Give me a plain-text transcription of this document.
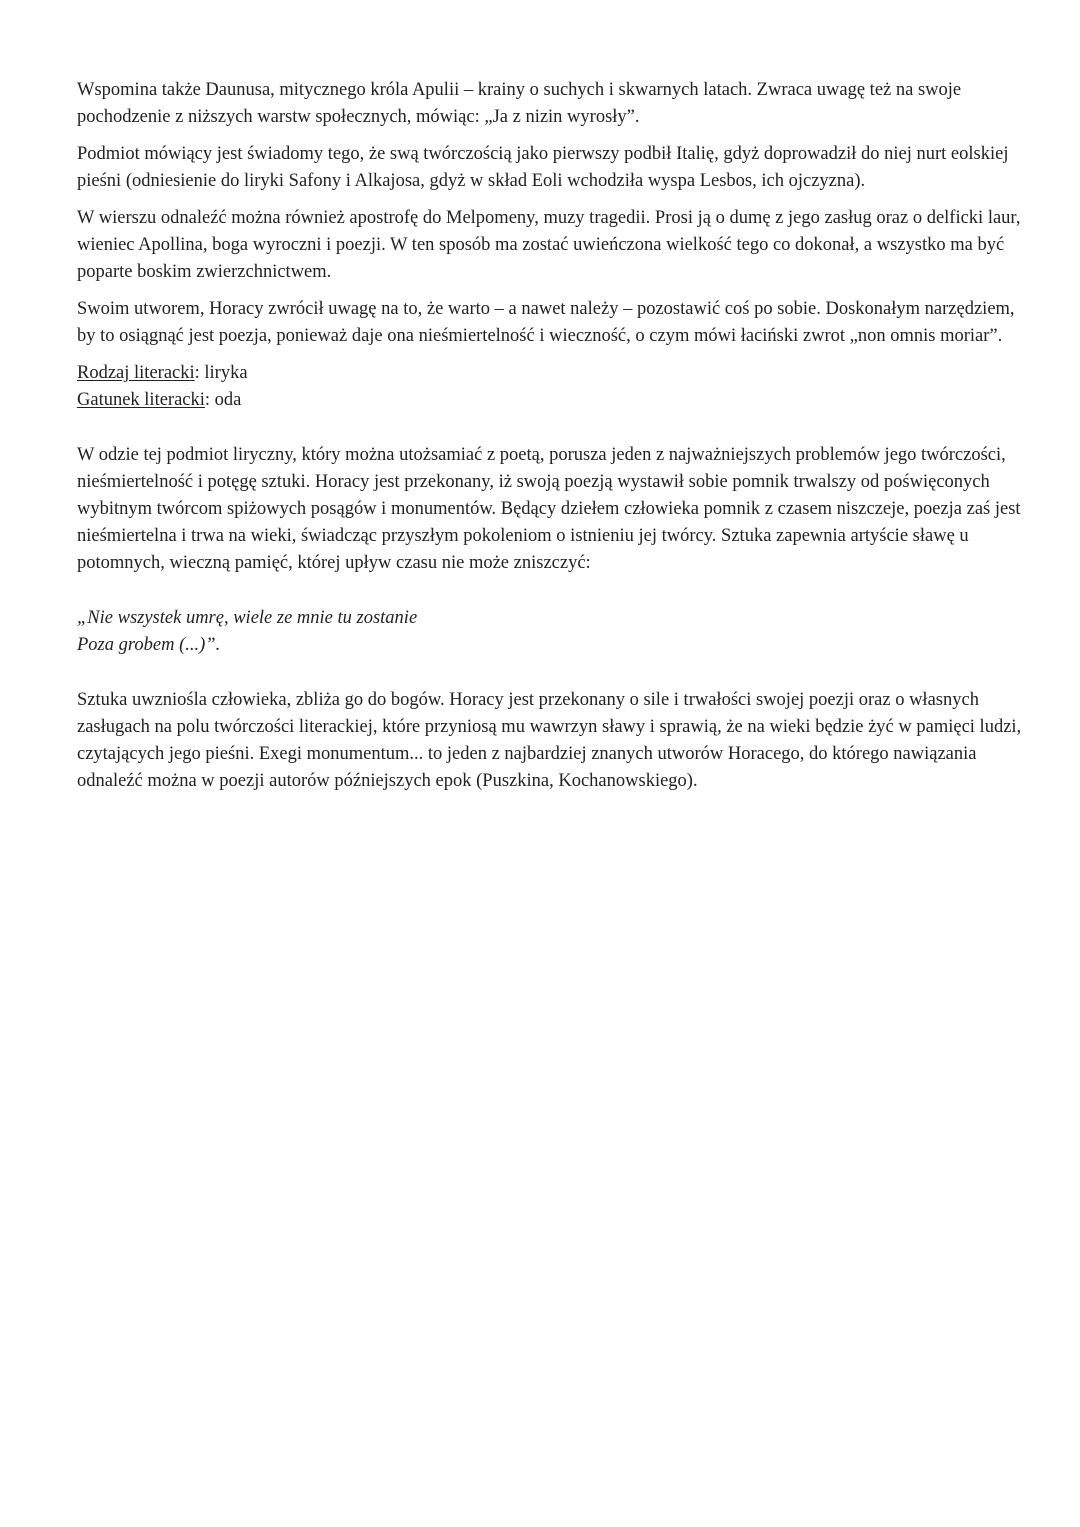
Wspomina także Daunusa, mitycznego króla Apulii – krainy o suchych i skwarnych latach. Zwraca uwagę też na swoje pochodzenie z niższych warstw społecznych, mówiąc: „Ja z nizin wyrosły”.

Podmiot mówiący jest świadomy tego, że swą twórczością jako pierwszy podbił Italię, gdyż doprowadził do niej nurt eolskiej pieśni (odniesienie do liryki Safony i Alkajosa, gdyż w skład Eoli wchodziła wyspa Lesbos, ich ojczyzna).

W wierszu odnaleźć można również apostrofę do Melpomeny, muzy tragedii. Prosi ją o dumę z jego zasług oraz o delficki laur, wieniec Apollina, boga wyroczni i poezji. W ten sposób ma zostać uwieńczona wielkość tego co dokonał, a wszystko ma być poparte boskim zwierzchnictwem.

Swoim utworem, Horacy zwrócił uwagę na to, że warto – a nawet należy – pozostawić coś po sobie. Doskonałym narzędziem, by to osiągnąć jest poezja, ponieważ daje ona nieśmiertelność i wieczność, o czym mówi łaciński zwrot „non omnis moriar”.

Rodzaj literacki: liryka
Gatunek literacki: oda

W odzie tej podmiot liryczny, który można utożsamiać z poetą, porusza jeden z najważniejszych problemów jego twórczości, nieśmiertelność i potęgę sztuki. Horacy jest przekonany, iż swoją poezją wystawił sobie pomnik trwalszy od poświęconych wybitnym twórcom spiżowych posągów i monumentów. Będący dziełem człowieka pomnik z czasem niszczeje, poezja zaś jest nieśmiertelna i trwa na wieki, świadcząc przyszłym pokoleniom o istnieniu jej twórcy. Sztuka zapewnia artyście sławę u potomnych, wieczną pamięć, której upływ czasu nie może zniszczyć:

„Nie wszystek umrę, wiele ze mnie tu zostanie
Poza grobem (...)”.

Sztuka uwzniośla człowieka, zbliża go do bogów. Horacy jest przekonany o sile i trwałości swojej poezji oraz o własnych zasługach na polu twórczości literackiej, które przyniosą mu wawrzyn sławy i sprawią, że na wieki będzie żyć w pamięci ludzi, czytających jego pieśni. Exegi monumentum... to jeden z najbardziej znanych utworów Horacego, do którego nawiązania odnaleźć można w poezji autorów późniejszych epok (Puszkina, Kochanowskiego).
